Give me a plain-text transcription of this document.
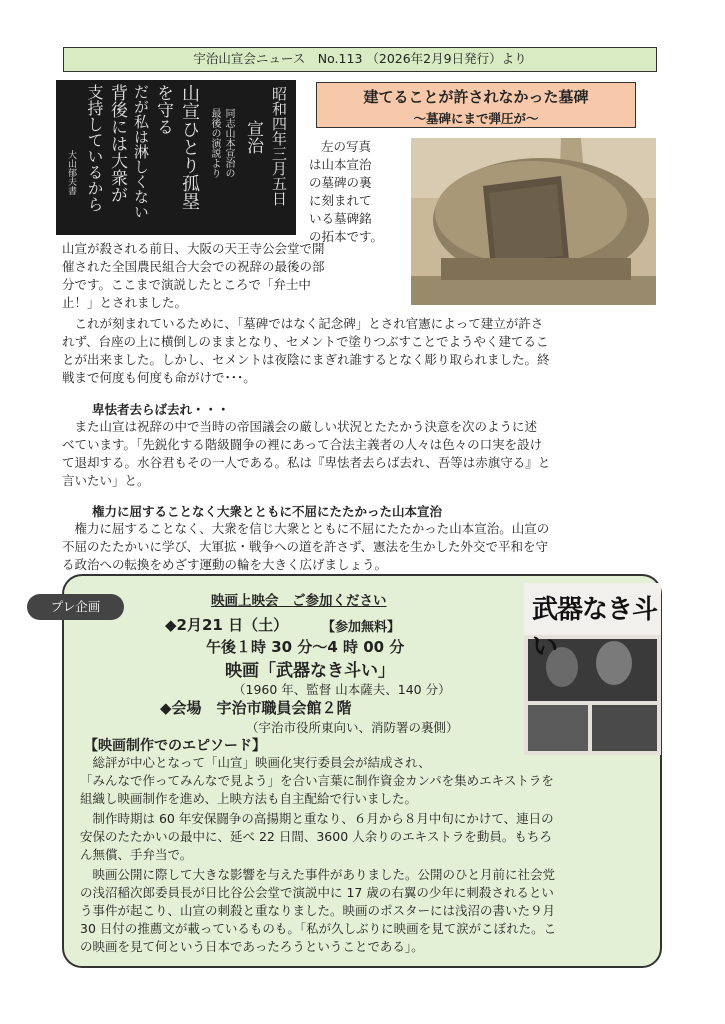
宇治山宣会ニュース　No.113 （2026年2月9日発行）より
昭和四年三月五日
宣治
同志山本宣治の
最後の演説より
山宣ひとり孤塁
を守る
だが私は淋しくない
背後には大衆が
支持しているから
大山郁夫書
建てることが許されなかった墓碑
～墓碑にまで弾圧が～
左の写真
は山本宣治
の墓碑の裏
に刻まれて
いる墓碑銘
の拓本です。
山宣が殺される前日、大阪の天王寺公会堂で開
催された全国農民組合大会での祝辞の最後の部
分です。ここまで演説したところで「弁士中
止！」とされました。
　これが刻まれているために、「墓碑ではなく記念碑」とされ官憲によって建立が許さ
れず、台座の上に横倒しのままとなり、セメントで塗りつぶすことでようやく建てるこ
とが出来ました。しかし、セメントは夜陰にまぎれ誰するとなく彫り取られました。終
戦まで何度も何度も命がけで･･･。
卑怯者去らば去れ・・・
　また山宣は祝辞の中で当時の帝国議会の厳しい状況とたたかう決意を次のように述
べています。「先鋭化する階級闘争の裡にあって合法主義者の人々は色々の口実を設け
て退却する。水谷君もその一人である。私は『卑怯者去らば去れ、吾等は赤旗守る』と
言いたい」と。
権力に屈することなく大衆とともに不屈にたたかった山本宣治
　権力に屈することなく、大衆を信じ大衆とともに不屈にたたかった山本宣治。山宣の
不屈のたたかいに学び、大軍拡・戦争への道を許さず、憲法を生かした外交で平和を守
る政治への転換をめざす運動の輪を大きく広げましょう。
プレ企画	映画上映会　ご参加ください
◆2月21 日（土）	【参加無料】
午後１時 30 分～4 時 00 分
映画「武器なき斗い」
（1960 年、監督 山本薩夫、140 分）
◆会場　宇治市職員会館２階
（宇治市役所東向い、消防署の裏側）
【映画制作でのエピソード】
　総評が中心となって「山宣」映画化実行委員会が結成され、
「みんなで作ってみんなで見よう」を合い言葉に制作資金カンパを集めエキストラを
組織し映画制作を進め、上映方法も自主配給で行いました。
　制作時期は 60 年安保闘争の高揚期と重なり、６月から８月中旬にかけて、連日の
安保のたたかいの最中に、延べ 22 日間、3600 人余りのエキストラを動員。もちろ
ん無償、手弁当で。
　映画公開に際して大きな影響を与えた事件がありました。公開のひと月前に社会党
の浅沼稲次郎委員長が日比谷公会堂で演説中に 17 歳の右翼の少年に刺殺されるとい
う事件が起こり、山宣の刺殺と重なりました。映画のポスターには浅沼の書いた９月
30 日付の推薦文が載っているものも。「私が久しぶりに映画を見て涙がこぼれた。こ
の映画を見て何という日本であったろうということである」。
武器なき斗い
